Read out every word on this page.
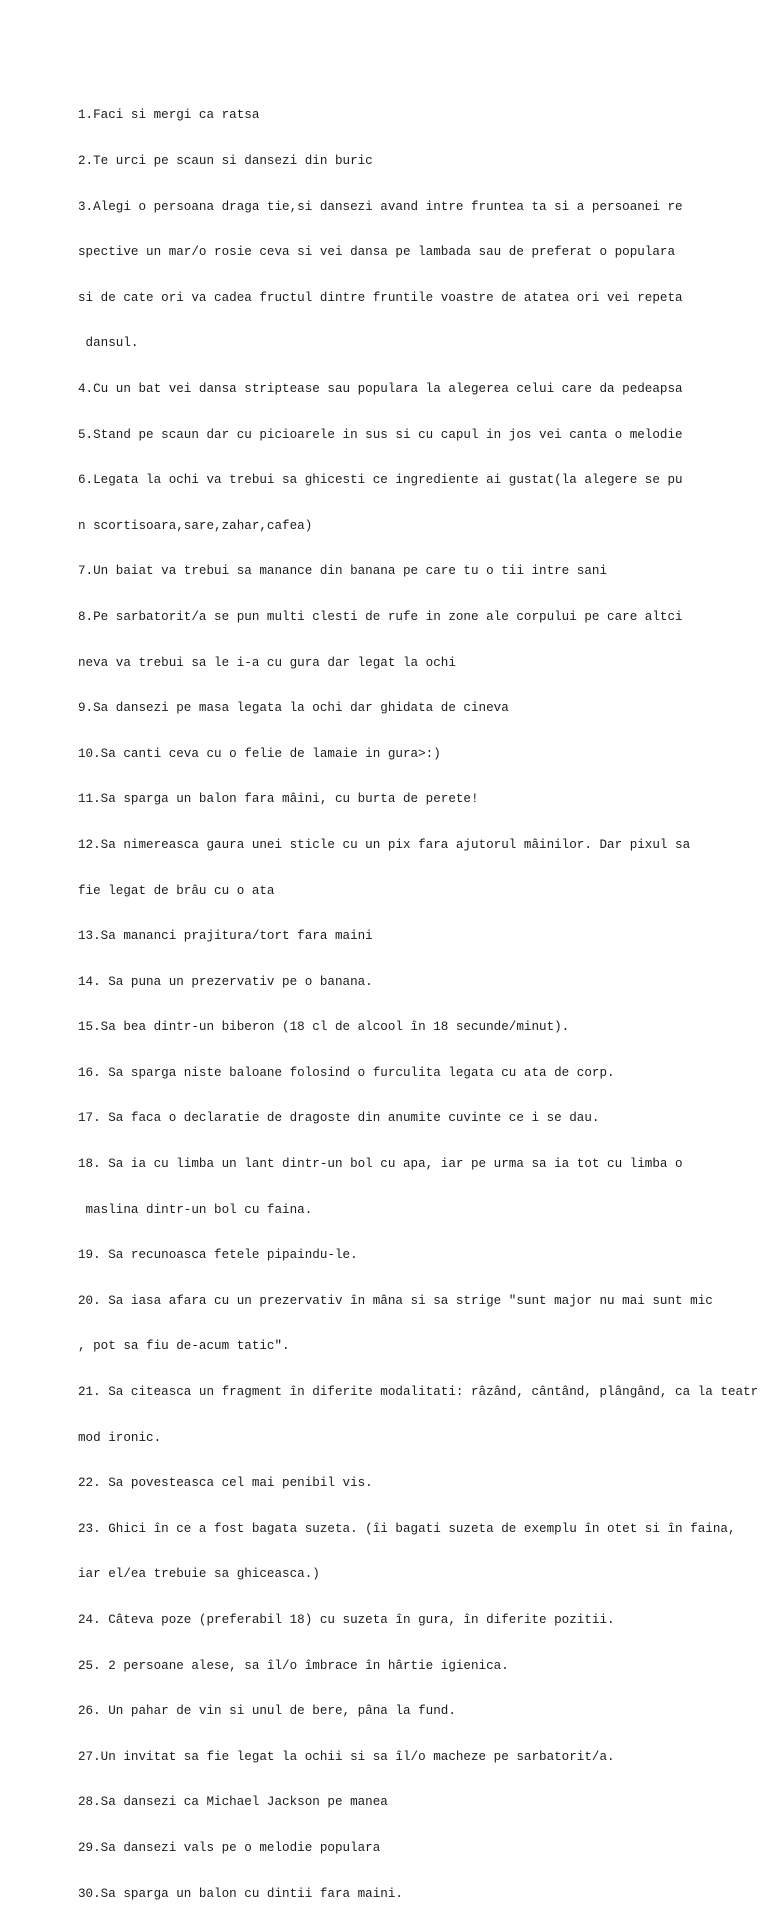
1.Faci si mergi ca ratsa

2.Te urci pe scaun si dansezi din buric

3.Alegi o persoana draga tie,si dansezi avand intre fruntea ta si a persoanei re

spective un mar/o rosie ceva si vei dansa pe lambada sau de preferat o populara

si de cate ori va cadea fructul dintre fruntile voastre de atatea ori vei repeta

dansul.

4.Cu un bat vei dansa striptease sau populara la alegerea celui care da pedeapsa

5.Stand pe scaun dar cu picioarele in sus si cu capul in jos vei canta o melodie

6.Legata la ochi va trebui sa ghicesti ce ingrediente ai gustat(la alegere se pu

n scortisoara,sare,zahar,cafea)

7.Un baiat va trebui sa manance din banana pe care tu o tii intre sani

8.Pe sarbatorit/a se pun multi clesti de rufe in zone ale corpului pe care altci

neva va trebui sa le i-a cu gura dar legat la ochi

9.Sa dansezi pe masa legata la ochi dar ghidata de cineva

10.Sa canti ceva cu o felie de lamaie in gura>:)

11.Sa sparga un balon fara mâini, cu burta de perete!

12.Sa nimereasca gaura unei sticle cu un pix fara ajutorul mâinilor. Dar pixul sa

fie legat de brâu cu o ata

13.Sa mananci prajitura/tort fara maini

14. Sa puna un prezervativ pe o banana.

15.Sa bea dintr-un biberon (18 cl de alcool în 18 secunde/minut).

16. Sa sparga niste baloane folosind o furculita legata cu ata de corp.

17. Sa faca o declaratie de dragoste din anumite cuvinte ce i se dau.

18. Sa ia cu limba un lant dintr-un bol cu apa, iar pe urma sa ia tot cu limba o

maslina dintr-un bol cu faina.

19. Sa recunoasca fetele pipaindu-le.

20. Sa iasa afara cu un prezervativ în mâna si sa strige "sunt major nu mai sunt mic

, pot sa fiu de-acum tatic".

21. Sa citeasca un fragment în diferite modalitati: râzând, cântând, plângând, ca la teatr

mod ironic.

22. Sa povesteasca cel mai penibil vis.

23. Ghici în ce a fost bagata suzeta. (îi bagati suzeta de exemplu în otet si în faina,

iar el/ea trebuie sa ghiceasca.)

24. Câteva poze (preferabil 18) cu suzeta în gura, în diferite pozitii.

25. 2 persoane alese, sa îl/o îmbrace în hârtie igienica.

26. Un pahar de vin si unul de bere, pâna la fund.

27.Un invitat sa fie legat la ochii si sa îl/o macheze pe sarbatorit/a.

28.Sa dansezi ca Michael Jackson pe manea

29.Sa dansezi vals pe o melodie populara

30.Sa sparga un balon cu dintii fara maini.
